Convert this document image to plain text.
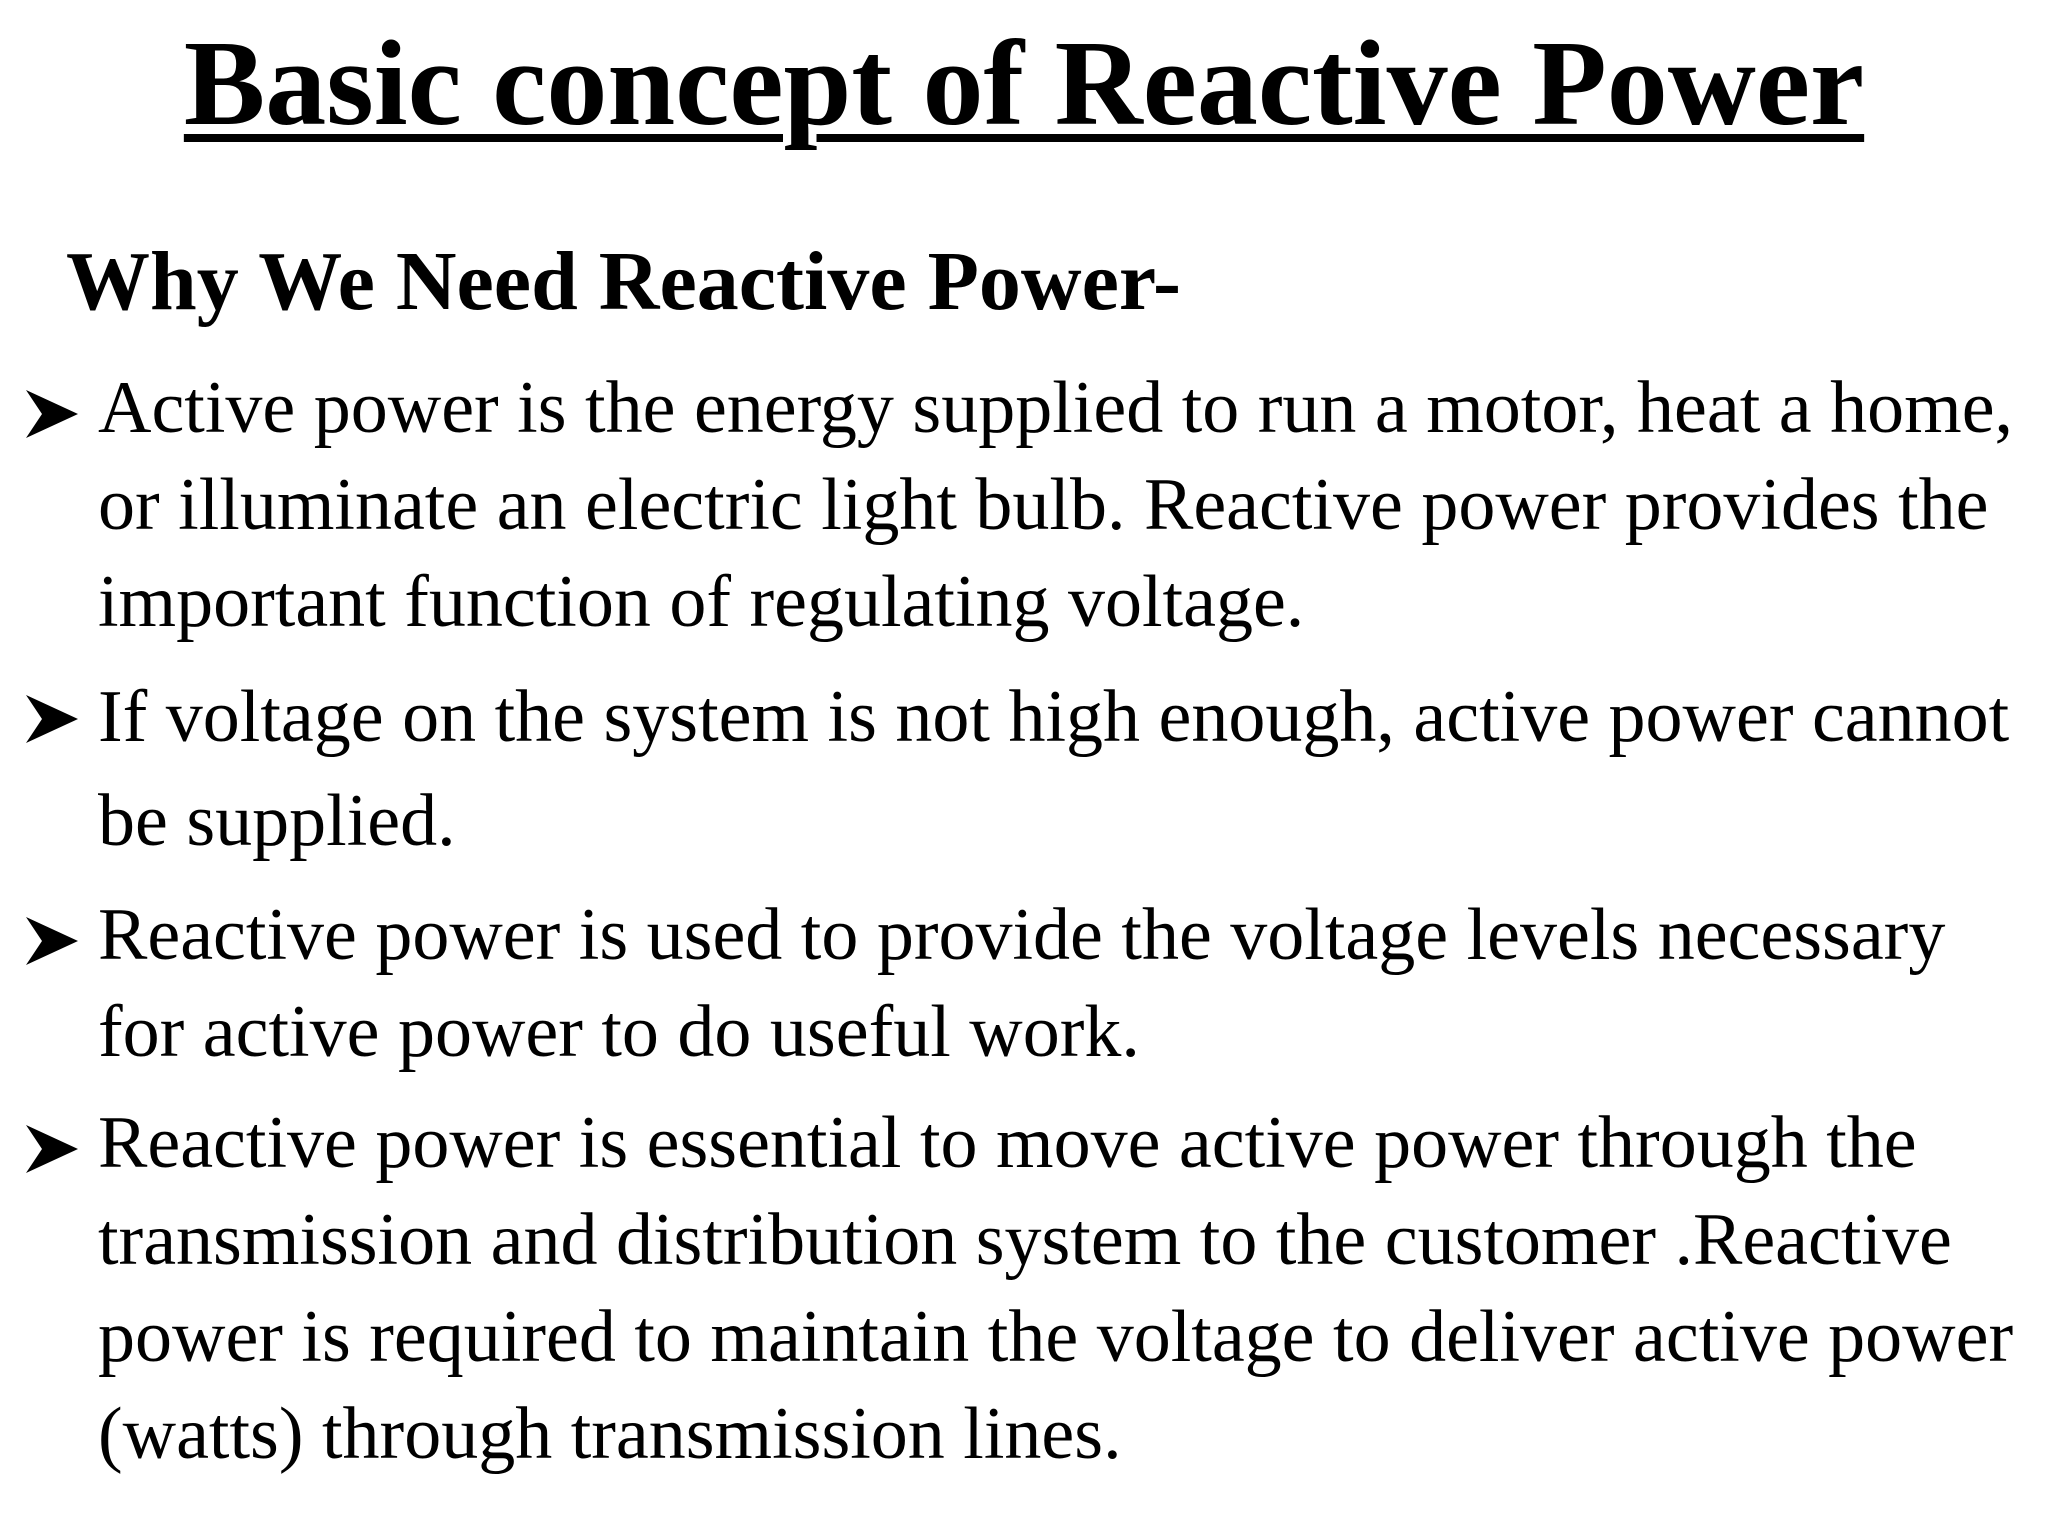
Basic concept of Reactive Power
Why We Need Reactive Power-
Active power is the energy supplied to run a motor, heat a home, or illuminate an electric light bulb. Reactive power provides the important function of regulating voltage.
If voltage on the system is not high enough, active power cannot be supplied.
Reactive power is used to provide the voltage levels necessary for active power to do useful work.
Reactive power is essential to move active power through the transmission and distribution system to the customer .Reactive power is required to maintain the voltage to deliver active power (watts) through transmission lines.
